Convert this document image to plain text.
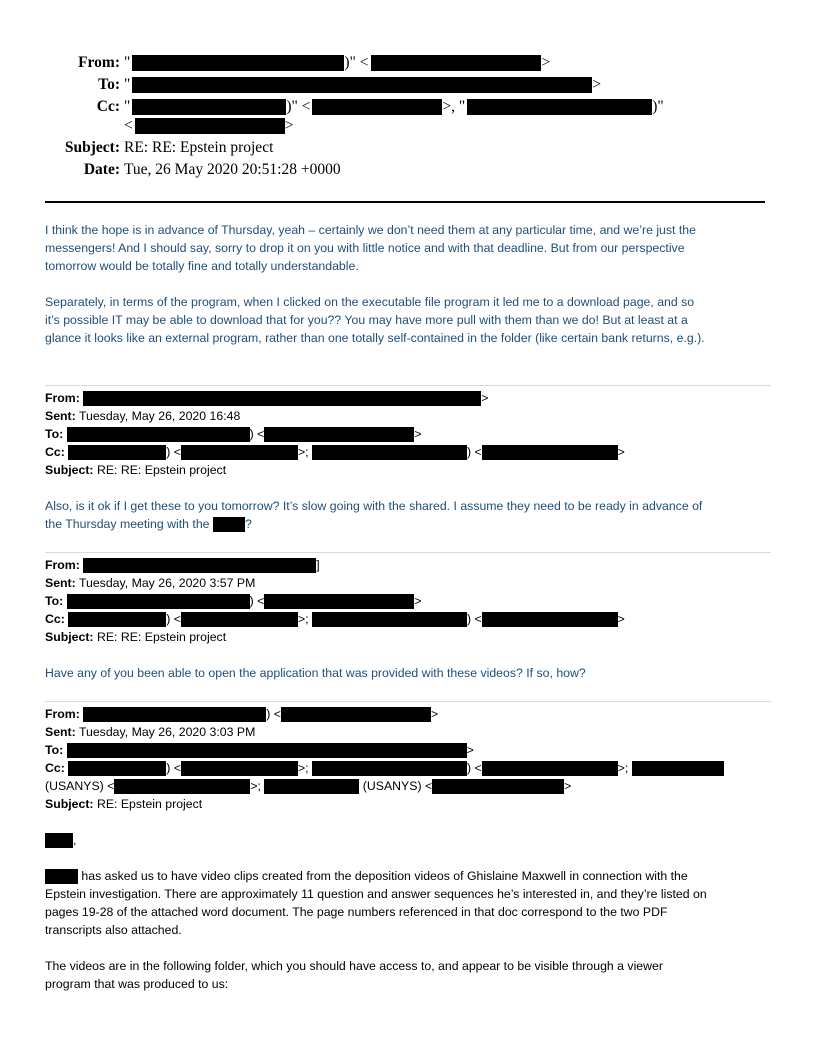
From: "	)" <	>
To: "	>
Cc: "	)" <	>, "	)"
<	>
Subject: RE: RE: Epstein project
Date: Tue, 26 May 2020 20:51:28 +0000
I think the hope is in advance of Thursday, yeah – certainly we don’t need them at any particular time, and we’re just the
messengers! And I should say, sorry to drop it on you with little notice and with that deadline. But from our perspective
tomorrow would be totally fine and totally understandable.
Separately, in terms of the program, when I clicked on the executable file program it led me to a download page, and so
it’s possible IT may be able to download that for you?? You may have more pull with them than we do! But at least at a
glance it looks like an external program, rather than one totally self-contained in the folder (like certain bank returns, e.g.).
From:	>
Sent: Tuesday, May 26, 2020 16:48
To:	) <	>
Cc:	) <	>;	) <	>
Subject: RE: RE: Epstein project
Also, is it ok if I get these to you tomorrow? It’s slow going with the shared. I assume they need to be ready in advance of
the Thursday meeting with the	?
From:	]
Sent: Tuesday, May 26, 2020 3:57 PM
To:	) <	>
Cc:	) <	>;	) <	>
Subject: RE: RE: Epstein project
Have any of you been able to open the application that was provided with these videos? If so, how?
From:	) <	>
Sent: Tuesday, May 26, 2020 3:03 PM
To:	>
Cc:	) <	>;	) <	>;
(USANYS) <	>;	(USANYS) <	>
Subject: RE: Epstein project
,
has asked us to have video clips created from the deposition videos of Ghislaine Maxwell in connection with the
Epstein investigation. There are approximately 11 question and answer sequences he’s interested in, and they’re listed on
pages 19-28 of the attached word document. The page numbers referenced in that doc correspond to the two PDF
transcripts also attached.
The videos are in the following folder, which you should have access to, and appear to be visible through a viewer
program that was produced to us:
